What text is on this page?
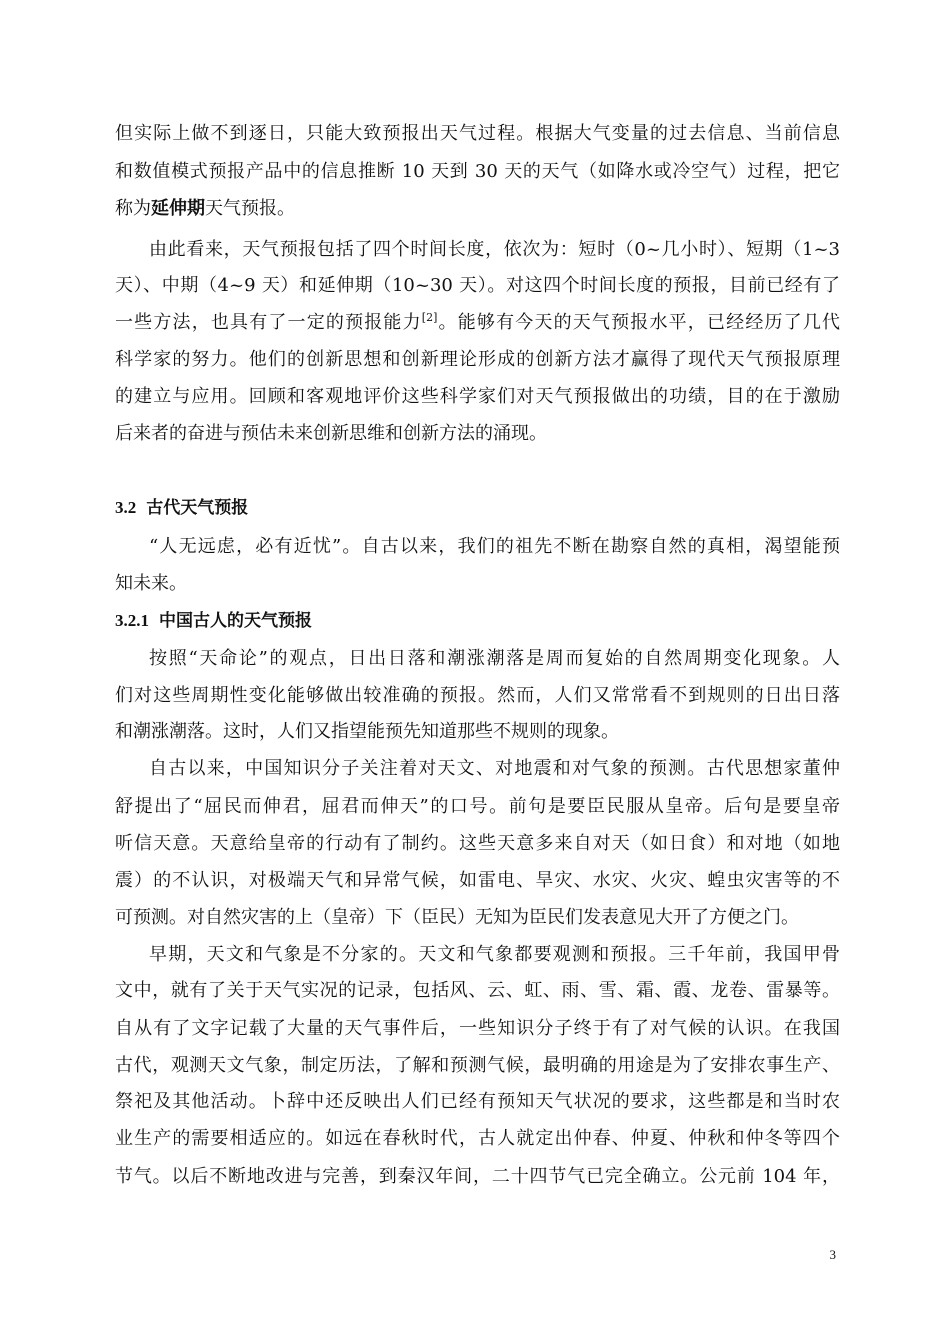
但实际上做不到逐日，只能大致预报出天气过程。根据大气变量的过去信息、当前信息
和数值模式预报产品中的信息推断 10 天到 30 天的天气（如降水或冷空气）过程，把它
称为延伸期天气预报。
由此看来，天气预报包括了四个时间长度，依次为：短时（0~几小时）、短期（1~3
天）、中期（4~9 天）和延伸期（10~30 天）。对这四个时间长度的预报，目前已经有了
一些方法，也具有了一定的预报能力[2]。能够有今天的天气预报水平，已经经历了几代
科学家的努力。他们的创新思想和创新理论形成的创新方法才赢得了现代天气预报原理
的建立与应用。回顾和客观地评价这些科学家们对天气预报做出的功绩，目的在于激励
后来者的奋进与预估未来创新思维和创新方法的涌现。
3.2 古代天气预报
“人无远虑，必有近忧”。自古以来，我们的祖先不断在勘察自然的真相，渴望能预
知未来。
3.2.1 中国古人的天气预报
按照“天命论”的观点，日出日落和潮涨潮落是周而复始的自然周期变化现象。人
们对这些周期性变化能够做出较准确的预报。然而，人们又常常看不到规则的日出日落
和潮涨潮落。这时，人们又指望能预先知道那些不规则的现象。
自古以来，中国知识分子关注着对天文、对地震和对气象的预测。古代思想家董仲
舒提出了“屈民而伸君，屈君而伸天”的口号。前句是要臣民服从皇帝。后句是要皇帝
听信天意。天意给皇帝的行动有了制约。这些天意多来自对天（如日食）和对地（如地
震）的不认识，对极端天气和异常气候，如雷电、旱灾、水灾、火灾、蝗虫灾害等的不
可预测。对自然灾害的上（皇帝）下（臣民）无知为臣民们发表意见大开了方便之门。
早期，天文和气象是不分家的。天文和气象都要观测和预报。三千年前，我国甲骨
文中，就有了关于天气实况的记录，包括风、云、虹、雨、雪、霜、霞、龙卷、雷暴等。
自从有了文字记载了大量的天气事件后，一些知识分子终于有了对气候的认识。在我国
古代，观测天文气象，制定历法，了解和预测气候，最明确的用途是为了安排农事生产、
祭祀及其他活动。卜辞中还反映出人们已经有预知天气状况的要求，这些都是和当时农
业生产的需要相适应的。如远在春秋时代，古人就定出仲春、仲夏、仲秋和仲冬等四个
节气。以后不断地改进与完善，到秦汉年间，二十四节气已完全确立。公元前 104 年，
3
